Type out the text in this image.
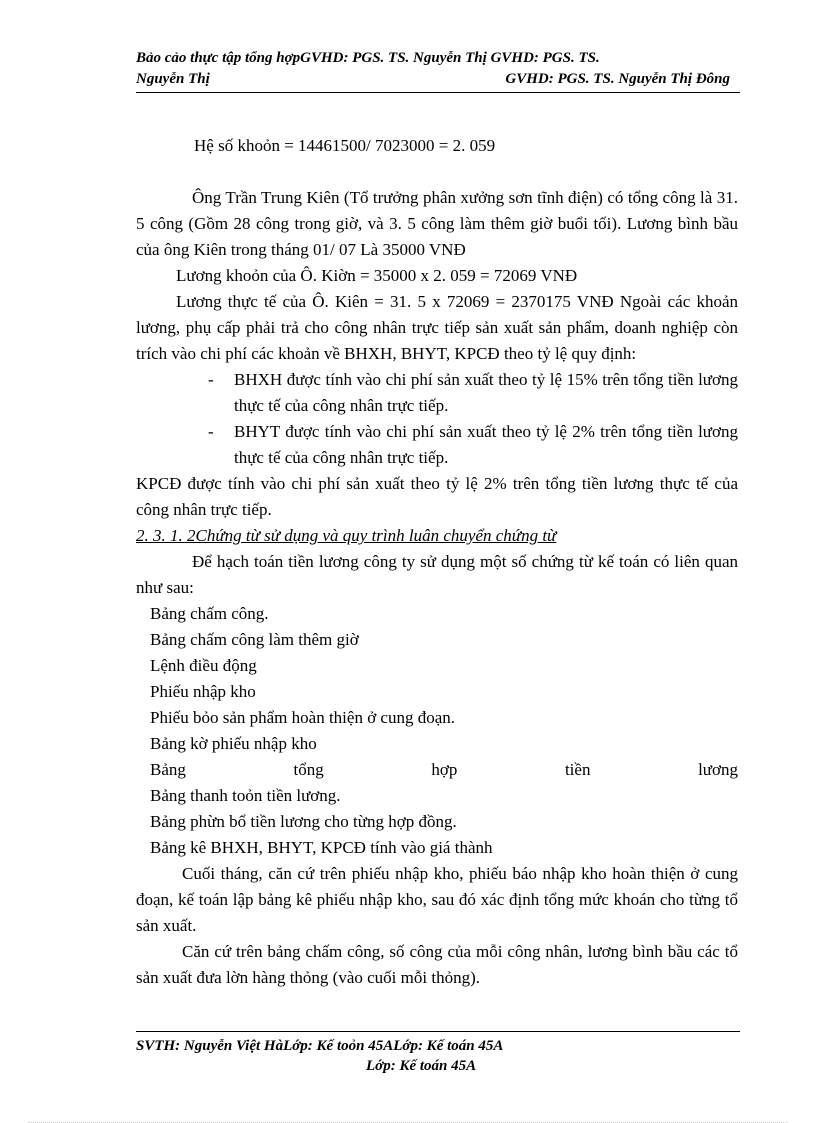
Bảo cảo thực tập tổng hợpGVHD: PGS. TS. Nguyễn Thị GVHD: PGS. TS.
Nguyễn Thị	GVHD: PGS. TS. Nguyễn Thị Đông
Hệ số khoỏn = 14461500/ 7023000 = 2. 059

Ông Trần Trung Kiên (Tổ trưởng phân xưởng sơn tĩnh điện) có tổng công là 31. 5 công (Gồm 28 công trong giờ, và 3. 5 công làm thêm giờ buổi tối). Lương bình bầu của ông Kiên trong tháng 01/ 07 Là 35000 VNĐ

Lương khoỏn của Ô. Kiờn = 35000 x 2. 059 = 72069 VNĐ

Lương thực tế của Ô. Kiên = 31. 5 x 72069 = 2370175 VNĐ Ngoài các khoản lương, phụ cấp phải trả cho công nhân trực tiếp sản xuất sản phẩm, doanh nghiệp còn trích vào chi phí các khoản về BHXH, BHYT, KPCĐ theo tỷ lệ quy định:

-	BHXH được tính vào chi phí sản xuất theo tỷ lệ 15% trên tổng tiền lương thực tế của công nhân trực tiếp.
-	BHYT được tính vào chi phí sản xuất theo tỷ lệ 2% trên tổng tiền lương thực tế của công nhân trực tiếp.

KPCĐ được tính vào chi phí sản xuất theo tỷ lệ 2% trên tổng tiền lương thực tế của công nhân trực tiếp.

2. 3. 1. 2Chứng từ sử dụng và quy trình luân chuyển chứng từ

Để hạch toán tiền lương công ty sử dụng một số chứng từ kế toán có liên quan như sau:

Bảng chấm công.
Bảng chấm công làm thêm giờ
Lệnh điều động
Phiếu nhập kho
Phiếu bỏo sản phẩm hoàn thiện ở cung đoạn.
Bảng kờ phiếu nhập kho
Bảng	tổng	hợp	tiền	lương
Bảng thanh toỏn tiền lương.
Bảng phừn bổ tiền lương cho từng hợp đồng.
Bảng kê BHXH, BHYT, KPCĐ tính vào giá thành

Cuối tháng, căn cứ trên phiếu nhập kho, phiếu báo nhập kho hoàn thiện ở cung đoạn, kế toán lập bảng kê phiếu nhập kho, sau đó xác định tổng mức khoán cho từng tổ sản xuất.

Căn cứ trên bảng chấm công, số công của mỗi công nhân, lương bình bầu các tổ sản xuất đưa lờn hàng thỏng (vào cuối mỗi thỏng).

SVTH: Nguyễn Việt HàLớp: Kế toỏn 45ALớp: Kế toán 45A
Lớp: Kế toán 45A
